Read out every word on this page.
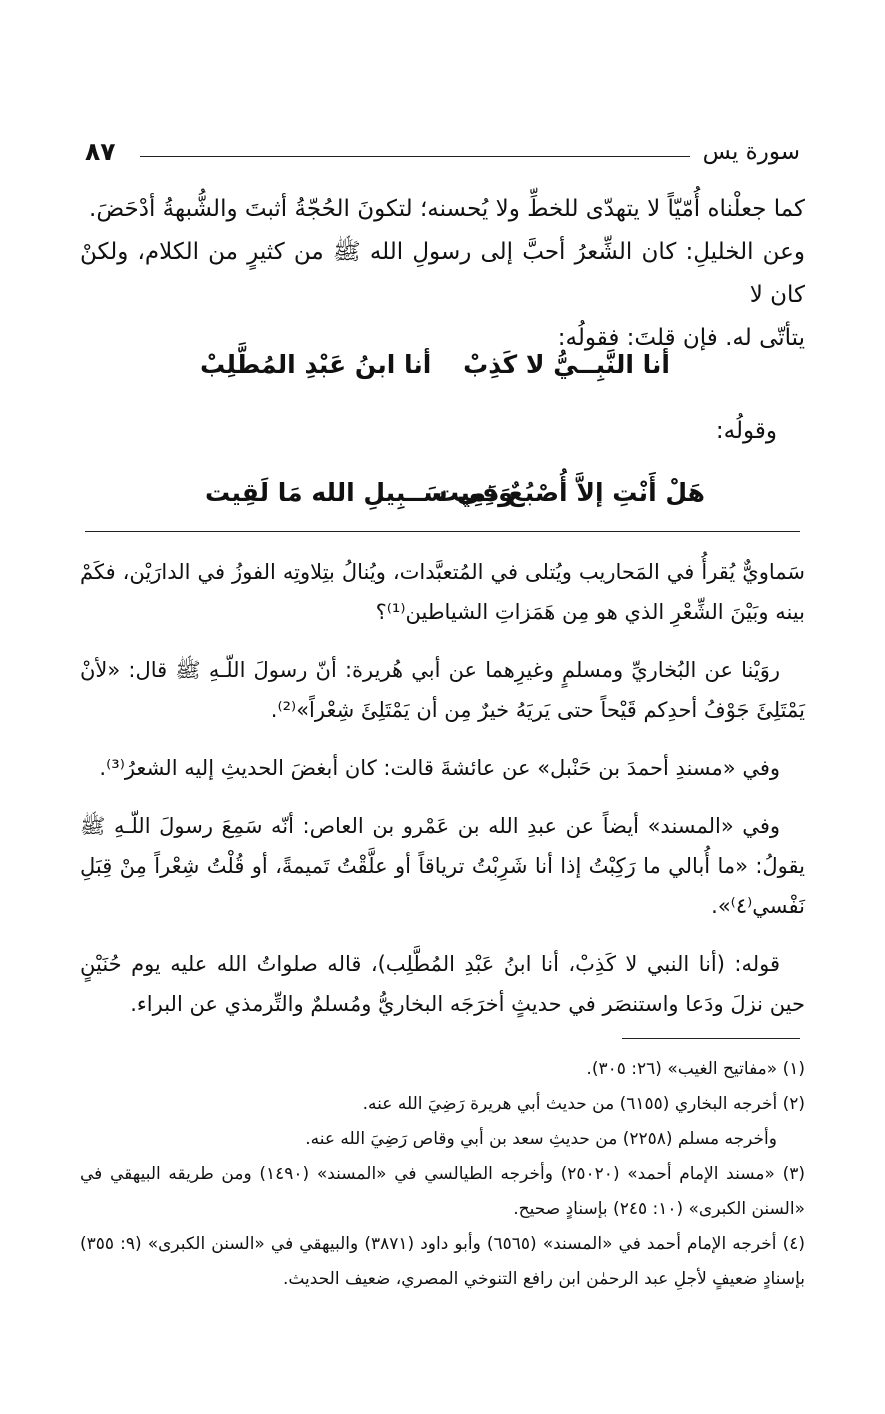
٨٧	سورة يس

كما جعلْناه أُمّيّاً لا يتهدّى للخطِّ ولا يُحسنه؛ لتكونَ الحُجّةُ أثبتَ والشُّبهةُ أدْحَضَ.

وعن الخليلِ: كان الشِّعرُ أحبَّ إلى رسولِ الله ﷺ من كثيرٍ من الكلام، ولكنْ كان لا

يتأتّى له. فإن قلتَ: فقولُه:

أنا النَّبِــيُّ لا كَذِبْ
أنا ابنُ عَبْدِ المُطَّلِبْ
وقولُه:
هَلْ أَنْتِ إلاَّ أُصْبُعٌ دَمِيت
وَفِي سَــبِيلِ الله مَا لَقِيت

سَماويٌّ يُقرأُ في المَحاريب ويُتلى في المُتعبَّدات، ويُنالُ بتِلاوتِه الفوزُ في الدارَيْن، فكَمْ بينه وبَيْنَ الشِّعْرِ الذي هو مِن هَمَزاتِ الشياطين⁽¹⁾؟

روَيْنا عن البُخاريِّ ومسلمٍ وغيرِهما عن أبي هُريرة: أنّ رسولَ اللّـهِ ﷺ قال: «لأنْ يَمْتَلِئَ جَوْفُ أحدِكم قَيْحاً حتى يَريَهُ خيرٌ مِن أن يَمْتَلِئَ شِعْراً»⁽²⁾.

وفي «مسندِ أحمدَ بن حَنْبل» عن عائشةَ قالت: كان أبغضَ الحديثِ إليه الشعرُ⁽³⁾.

وفي «المسند» أيضاً عن عبدِ الله بن عَمْرو بن العاص: أنّه سَمِعَ رسولَ اللّـهِ ﷺ يقولُ: «ما أُبالي ما رَكِبْتُ إذا أنا شَرِبْتُ ترياقاً أو علَّقْتُ تَميمةً، أو قُلْتُ شِعْراً مِنْ قِبَلِ نَفْسي⁽٤⁾».

قوله: (أنا النبي لا كَذِبْ، أنا ابنُ عَبْدِ المُطَّلِب)، قاله صلواتُ الله عليه يوم حُنَيْنٍ حين نزلَ ودَعا واستنصَر في حديثٍ أخرَجَه البخاريُّ ومُسلمٌ والتِّرمذي عن البراء.

(١) «مفاتيح الغيب» (٢٦: ٣٠٥).

(٢) أخرجه البخاري (٦١٥٥) من حديث أبي هريرة رَضِيَ الله عنه.

وأخرجه مسلم (٢٢٥٨) من حديثِ سعد بن أبي وقاص رَضِيَ الله عنه.

(٣) «مسند الإمام أحمد» (٢٥٠٢٠) وأخرجه الطيالسي في «المسند» (١٤٩٠) ومن طريقه البيهقي في «السنن الكبرى» (١٠: ٢٤٥) بإسنادٍ صحيح.

(٤) أخرجه الإمام أحمد في «المسند» (٦٥٦٥) وأبو داود (٣٨٧١) والبيهقي في «السنن الكبرى» (٩: ٣٥٥) بإسنادٍ ضعيفٍ لأجلِ عبد الرحمٰن ابن رافع التنوخي المصري، ضعيف الحديث.
